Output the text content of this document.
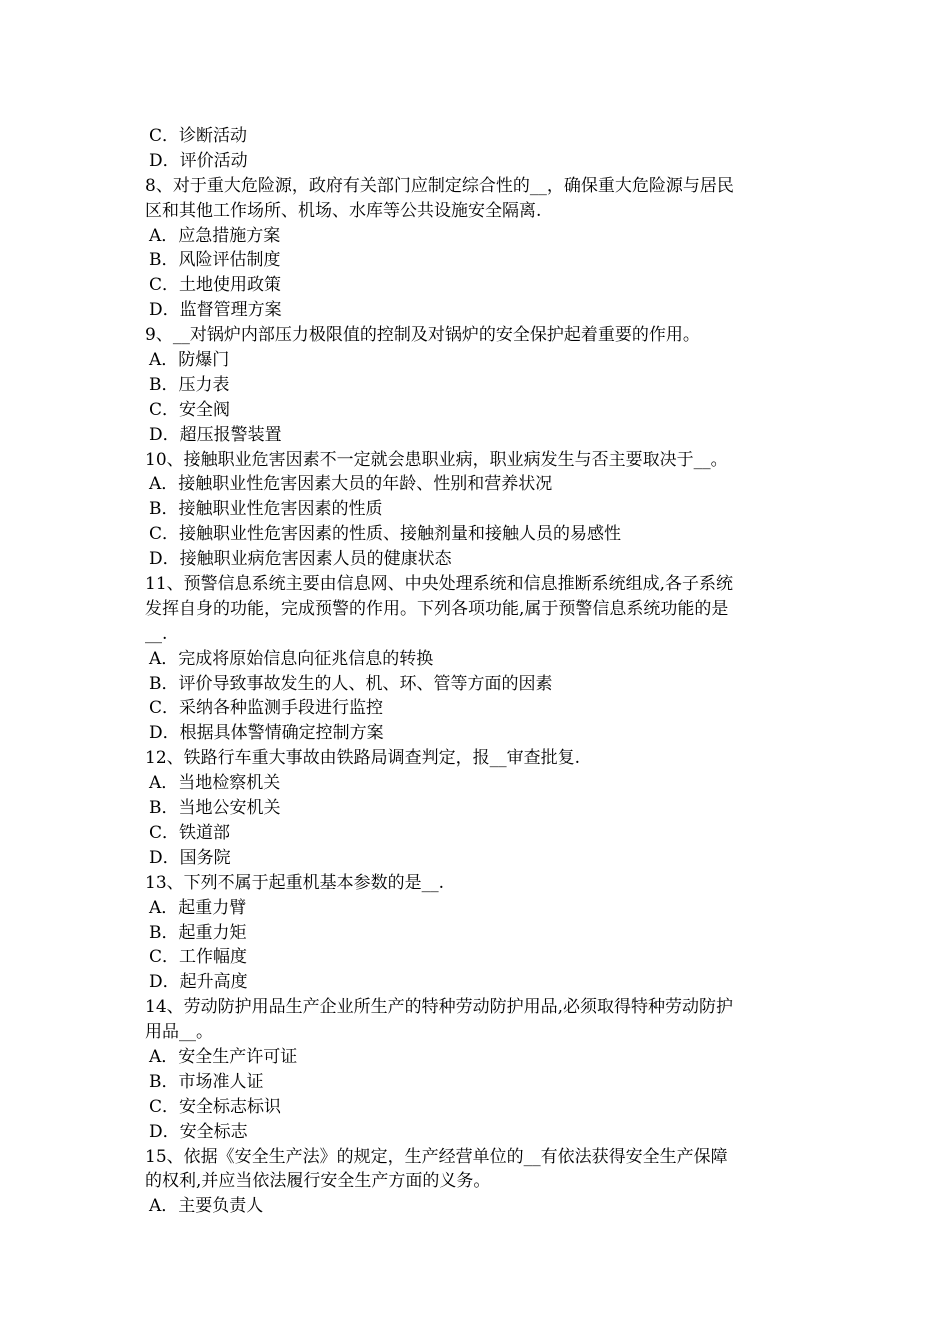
C．诊断活动
D．评价活动
8、对于重大危险源，政府有关部门应制定综合性的__，确保重大危险源与居民
区和其他工作场所、机场、水库等公共设施安全隔离.
A．应急措施方案
B．风险评估制度
C．土地使用政策
D．监督管理方案
9、__对锅炉内部压力极限值的控制及对锅炉的安全保护起着重要的作用。
A．防爆门
B．压力表
C．安全阀
D．超压报警装置
10、接触职业危害因素不一定就会患职业病，职业病发生与否主要取决于__。
A．接触职业性危害因素大员的年龄、性别和营养状况
B．接触职业性危害因素的性质
C．接触职业性危害因素的性质、接触剂量和接触人员的易感性
D．接触职业病危害因素人员的健康状态
11、预警信息系统主要由信息网、中央处理系统和信息推断系统组成,各子系统
发挥自身的功能，完成预警的作用。下列各项功能,属于预警信息系统功能的是
__.
A．完成将原始信息向征兆信息的转换
B．评价导致事故发生的人、机、环、管等方面的因素
C．采纳各种监测手段进行监控
D．根据具体警情确定控制方案
12、铁路行车重大事故由铁路局调查判定，报__审查批复.
A．当地检察机关
B．当地公安机关
C．铁道部
D．国务院
13、下列不属于起重机基本参数的是__.
A．起重力臂
B．起重力矩
C．工作幅度
D．起升高度
14、劳动防护用品生产企业所生产的特种劳动防护用品,必须取得特种劳动防护
用品__。
A．安全生产许可证
B．市场准人证
C．安全标志标识
D．安全标志
15、依据《安全生产法》的规定，生产经营单位的__有依法获得安全生产保障
的权利,并应当依法履行安全生产方面的义务。
A．主要负责人
